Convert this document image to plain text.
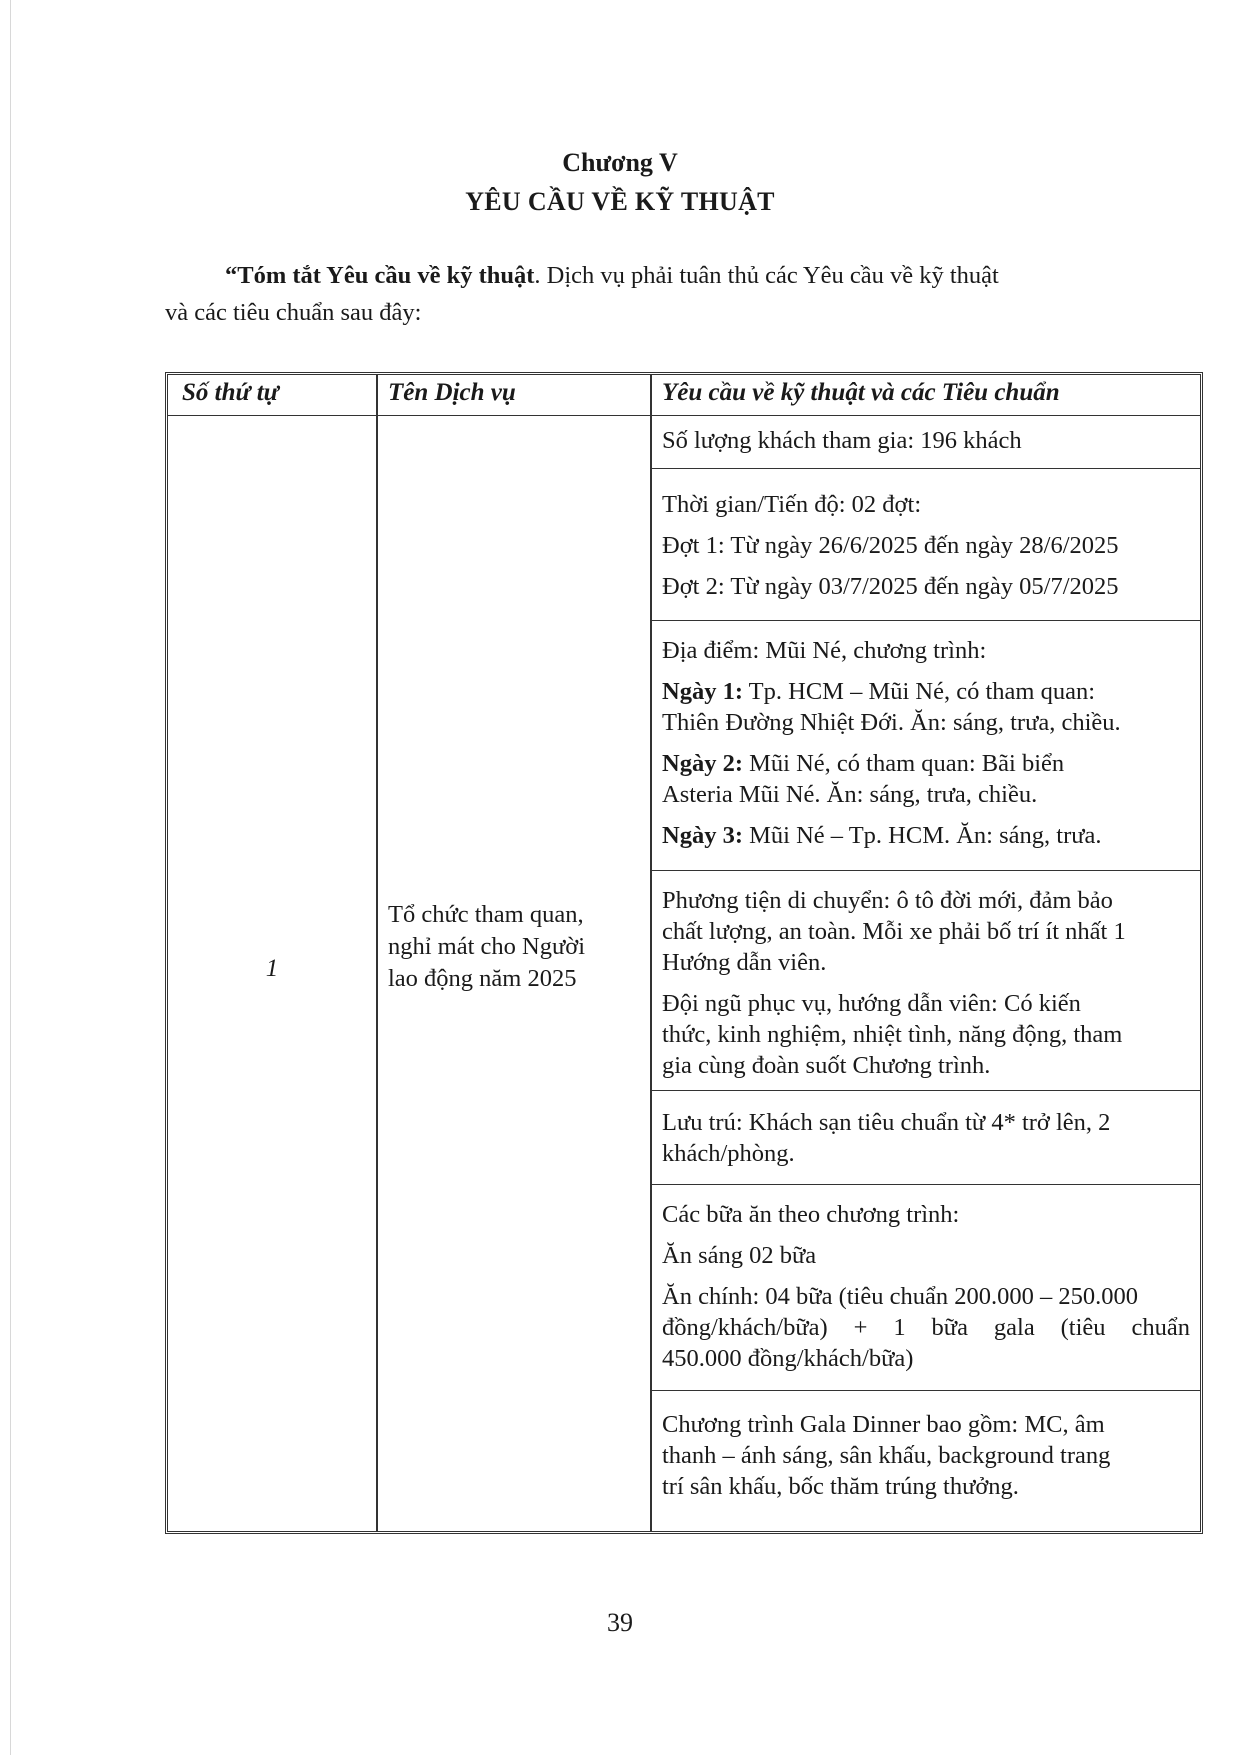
Chương V
YÊU CẦU VỀ KỸ THUẬT
“Tóm tắt Yêu cầu về kỹ thuật. Dịch vụ phải tuân thủ các Yêu cầu về kỹ thuật
và các tiêu chuẩn sau đây:
Số thứ tự	Tên Dịch vụ	Yêu cầu về kỹ thuật và các Tiêu chuẩn
1
Tổ chức tham quan,
nghỉ mát cho Người
lao động năm 2025

Số lượng khách tham gia: 196 khách

Thời gian/Tiến độ: 02 đợt:

Đợt 1: Từ ngày 26/6/2025 đến ngày 28/6/2025

Đợt 2: Từ ngày 03/7/2025 đến ngày 05/7/2025

Địa điểm: Mũi Né, chương trình:

Ngày 1: Tp. HCM – Mũi Né, có tham quan:

Thiên Đường Nhiệt Đới. Ăn: sáng, trưa, chiều.

Ngày 2: Mũi Né, có tham quan: Bãi biển

Asteria Mũi Né. Ăn: sáng, trưa, chiều.

Ngày 3: Mũi Né – Tp. HCM. Ăn: sáng, trưa.

Phương tiện di chuyển: ô tô đời mới, đảm bảo

chất lượng, an toàn. Mỗi xe phải bố trí ít nhất 1

Hướng dẫn viên.

Đội ngũ phục vụ, hướng dẫn viên: Có kiến

thức, kinh nghiệm, nhiệt tình, năng động, tham

gia cùng đoàn suốt Chương trình.

Lưu trú: Khách sạn tiêu chuẩn từ 4* trở lên, 2

khách/phòng.

Các bữa ăn theo chương trình:

Ăn sáng 02 bữa

Ăn chính: 04 bữa (tiêu chuẩn 200.000 – 250.000

đồng/khách/bữa) + 1 bữa gala (tiêu chuẩn

450.000 đồng/khách/bữa)

Chương trình Gala Dinner bao gồm: MC, âm

thanh – ánh sáng, sân khấu, background trang

trí sân khấu, bốc thăm trúng thưởng.

39
